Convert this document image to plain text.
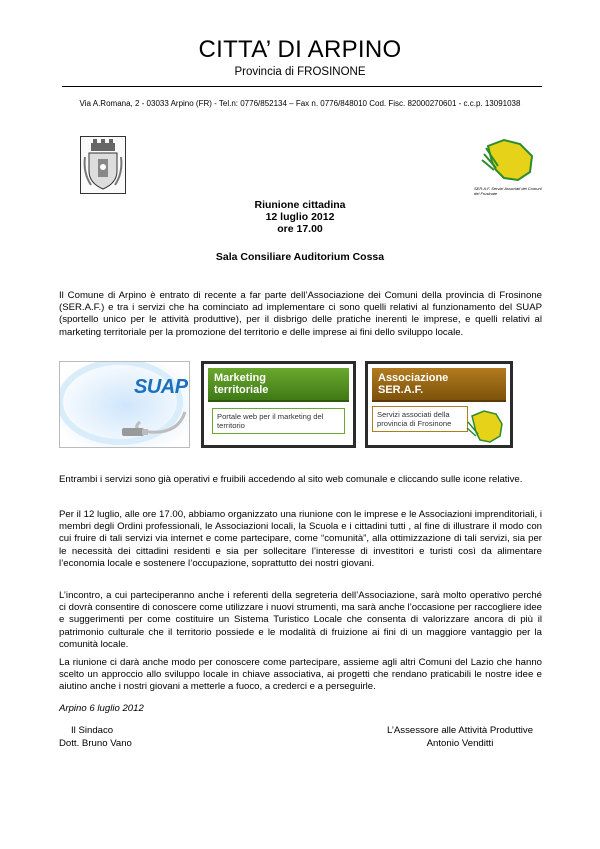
CITTA’ DI ARPINO
Provincia di FROSINONE
Via A.Romana, 2 - 03033 Arpino (FR) - Tel.n: 0776/852134 – Fax n. 0776/848010 Cod. Fisc. 82000270601 - c.c.p. 13091038
SER.A.F. Servizi Associati dei Comuni del Frusinate
Riunione cittadina
12 luglio 2012
ore 17.00
Sala Consiliare Auditorium Cossa
Il Comune di Arpino è entrato di recente a far parte dell’Associazione dei Comuni della provincia di Frosinone (SER.A.F.) e tra i servizi che ha cominciato ad implementare ci sono quelli relativi al funzionamento del SUAP (sportello unico per le attività produttive), per il disbrigo delle pratiche inerenti le imprese, e quelli relativi al marketing territoriale per la promozione del territorio e delle imprese ai fini dello sviluppo locale.
SUAP Marketing
territoriale
Portale web per il marketing del territorio
Associazione
SER.A.F.
Servizi associati della provincia di Frosinone
Entrambi i servizi sono già operativi e fruibili accedendo al sito web comunale e cliccando sulle icone relative.
Per il 12 luglio, alle ore 17.00, abbiamo organizzato una riunione con le imprese e le Associazioni imprenditoriali, i membri degli Ordini professionali, le Associazioni locali, la Scuola e i cittadini tutti , al fine di illustrare il modo con cui fruire di tali servizi via internet e come partecipare, come “comunità”, alla ottimizzazione di tali servizi, sia per le necessità dei cittadini residenti e sia per sollecitare l’interesse di investitori e turisti così da alimentare l’economia locale e sostenere l’occupazione, soprattutto dei nostri giovani.
L’incontro, a cui parteciperanno anche i referenti della segreteria dell’Associazione, sarà molto operativo perché ci dovrà consentire di conoscere come utilizzare i nuovi strumenti, ma sarà anche l’occasione per raccogliere idee e suggerimenti per come costituire un Sistema Turistico Locale che consenta di valorizzare ancora di più il patrimonio culturale che il territorio possiede e le modalità di fruizione ai fini di un maggiore vantaggio per la comunità locale.
La riunione ci darà anche modo per conoscere come partecipare, assieme agli altri Comuni del Lazio che hanno scelto un approccio allo sviluppo locale in chiave associativa, ai progetti che rendano praticabili le nostre idee e aiutino anche i nostri giovani a metterle a fuoco, a crederci e a perseguirle.
Arpino 6 luglio 2012
Il Sindaco
Dott. Bruno Vano
L’Assessore alle Attività Produttive
Antonio Venditti
